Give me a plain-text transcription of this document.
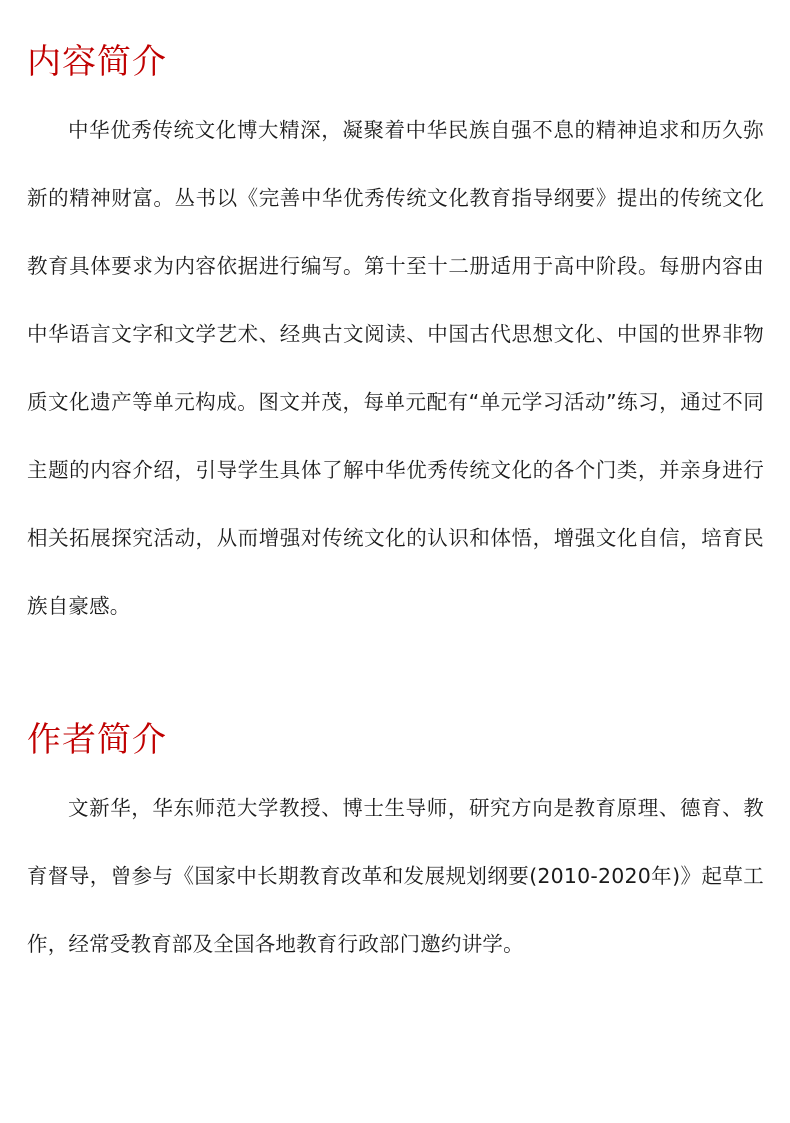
内容简介

中华优秀传统文化博大精深，凝聚着中华民族自强不息的精神追求和历久弥新的精神财富。丛书以《完善中华优秀传统文化教育指导纲要》提出的传统文化教育具体要求为内容依据进行编写。第十至十二册适用于高中阶段。每册内容由中华语言文字和文学艺术、经典古文阅读、中国古代思想文化、中国的世界非物质文化遗产等单元构成。图文并茂，每单元配有“单元学习活动”练习，通过不同主题的内容介绍，引导学生具体了解中华优秀传统文化的各个门类，并亲身进行相关拓展探究活动，从而增强对传统文化的认识和体悟，增强文化自信，培育民族自豪感。

作者简介

文新华，华东师范大学教授、博士生导师，研究方向是教育原理、德育、教育督导，曾参与《国家中长期教育改革和发展规划纲要(2010-2020年)》起草工作，经常受教育部及全国各地教育行政部门邀约讲学。
